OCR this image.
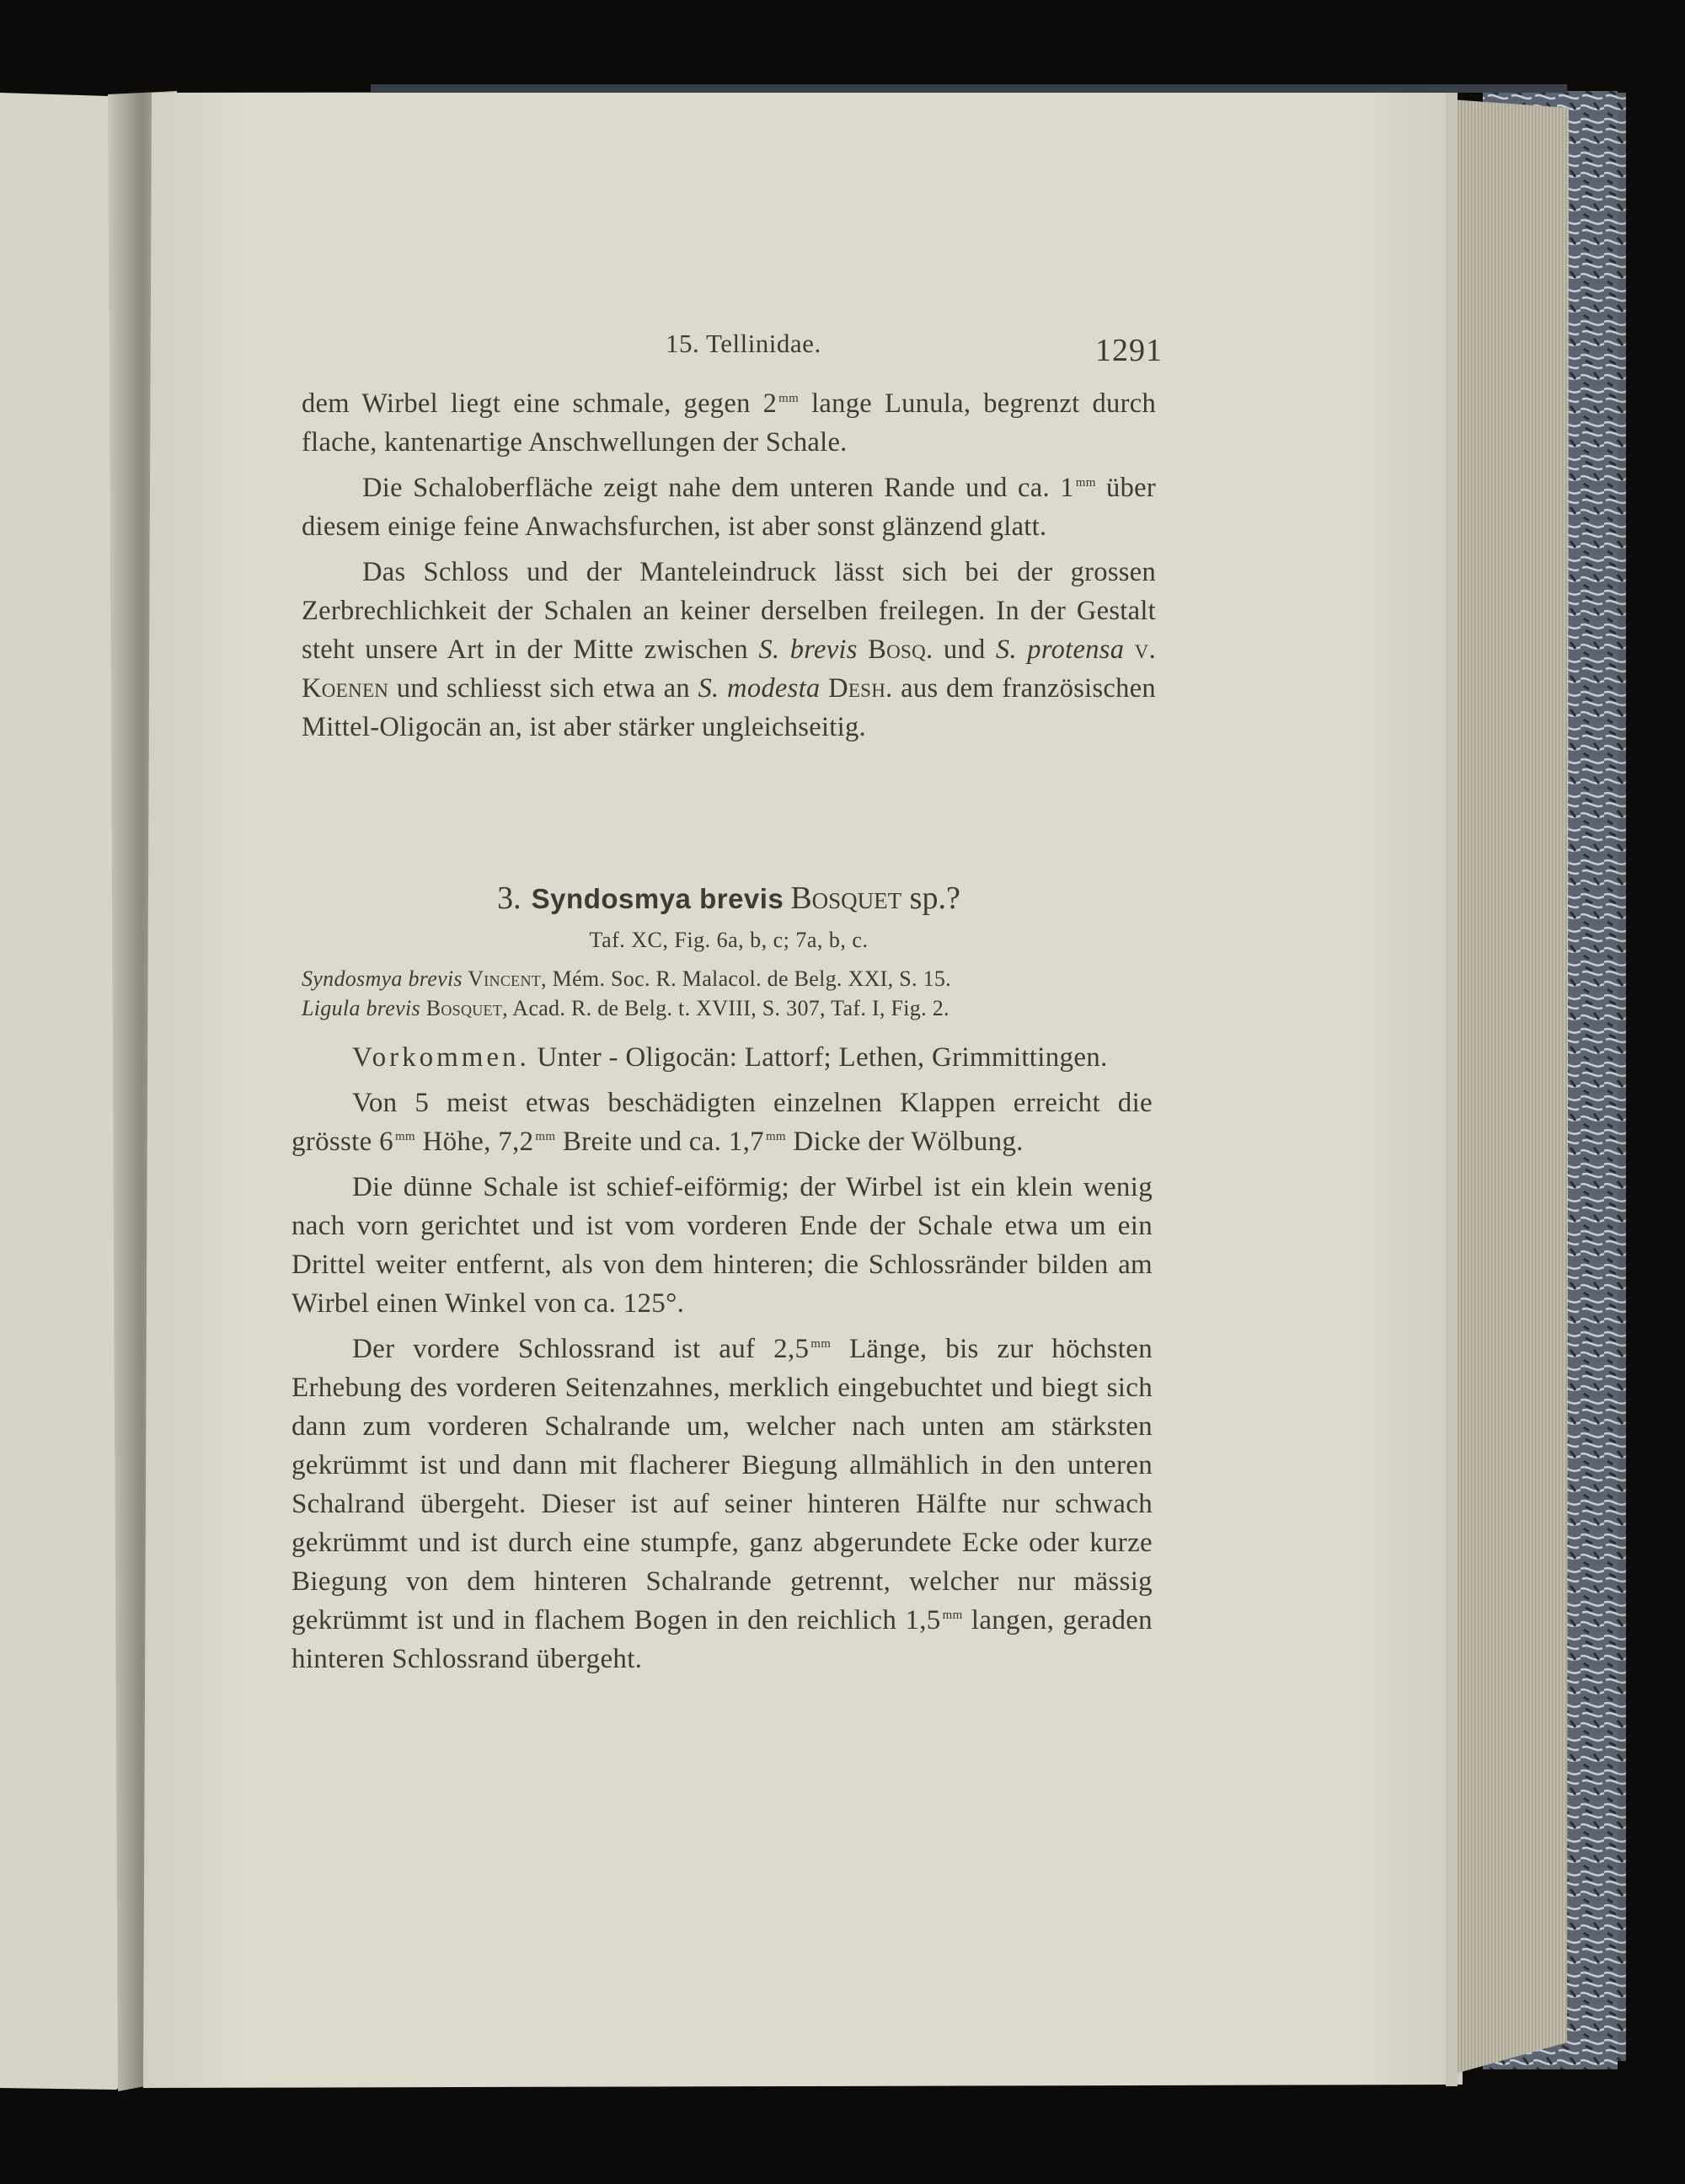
15. Tellinidae.	1291

dem Wirbel liegt eine schmale, gegen 2 $^{mm}$ lange Lunula, begrenzt durch flache, kantenartige Anschwellungen der Schale.

Die Schaloberfläche zeigt nahe dem unteren Rande und ca. 1 $^{mm}$ über diesem einige feine Anwachsfurchen, ist aber sonst glänzend glatt.

Das Schloss und der Manteleindruck lässt sich bei der grossen Zerbrechlichkeit der Schalen an keiner derselben freilegen. In der Gestalt steht unsere Art in der Mitte zwischen S. brevis Bosq. und S. protensa v. Koenen und schliesst sich etwa an S. modesta Desh. aus dem französischen Mittel-Oligocän an, ist aber stärker ungleichseitig.

3. Syndosmya brevis Bosquet sp.?
Taf. XC, Fig. 6a, b, c; 7a, b, c.
Syndosmya brevis Vincent, Mém. Soc. R. Malacol. de Belg. XXI, S. 15.
Ligula brevis Bosquet, Acad. R. de Belg. t. XVIII, S. 307, Taf. I, Fig. 2.

Vorkommen. Unter - Oligocän: Lattorf; Lethen, Grimmittingen.

Von 5 meist etwas beschädigten einzelnen Klappen erreicht die grösste 6 $^{mm}$ Höhe, 7,2 $^{mm}$ Breite und ca. 1,7 $^{mm}$ Dicke der Wölbung.

Die dünne Schale ist schief-eiförmig; der Wirbel ist ein klein wenig nach vorn gerichtet und ist vom vorderen Ende der Schale etwa um ein Drittel weiter entfernt, als von dem hinteren; die Schlossränder bilden am Wirbel einen Winkel von ca. 125°.

Der vordere Schlossrand ist auf 2,5 $^{mm}$ Länge, bis zur höchsten Erhebung des vorderen Seitenzahnes, merklich eingebuchtet und biegt sich dann zum vorderen Schalrande um, welcher nach unten am stärksten gekrümmt ist und dann mit flacherer Biegung allmählich in den unteren Schalrand übergeht. Dieser ist auf seiner hinteren Hälfte nur schwach gekrümmt und ist durch eine stumpfe, ganz abgerundete Ecke oder kurze Biegung von dem hinteren Schalrande getrennt, welcher nur mässig gekrümmt ist und in flachem Bogen in den reichlich 1,5 $^{mm}$ langen, geraden hinteren Schlossrand übergeht.
